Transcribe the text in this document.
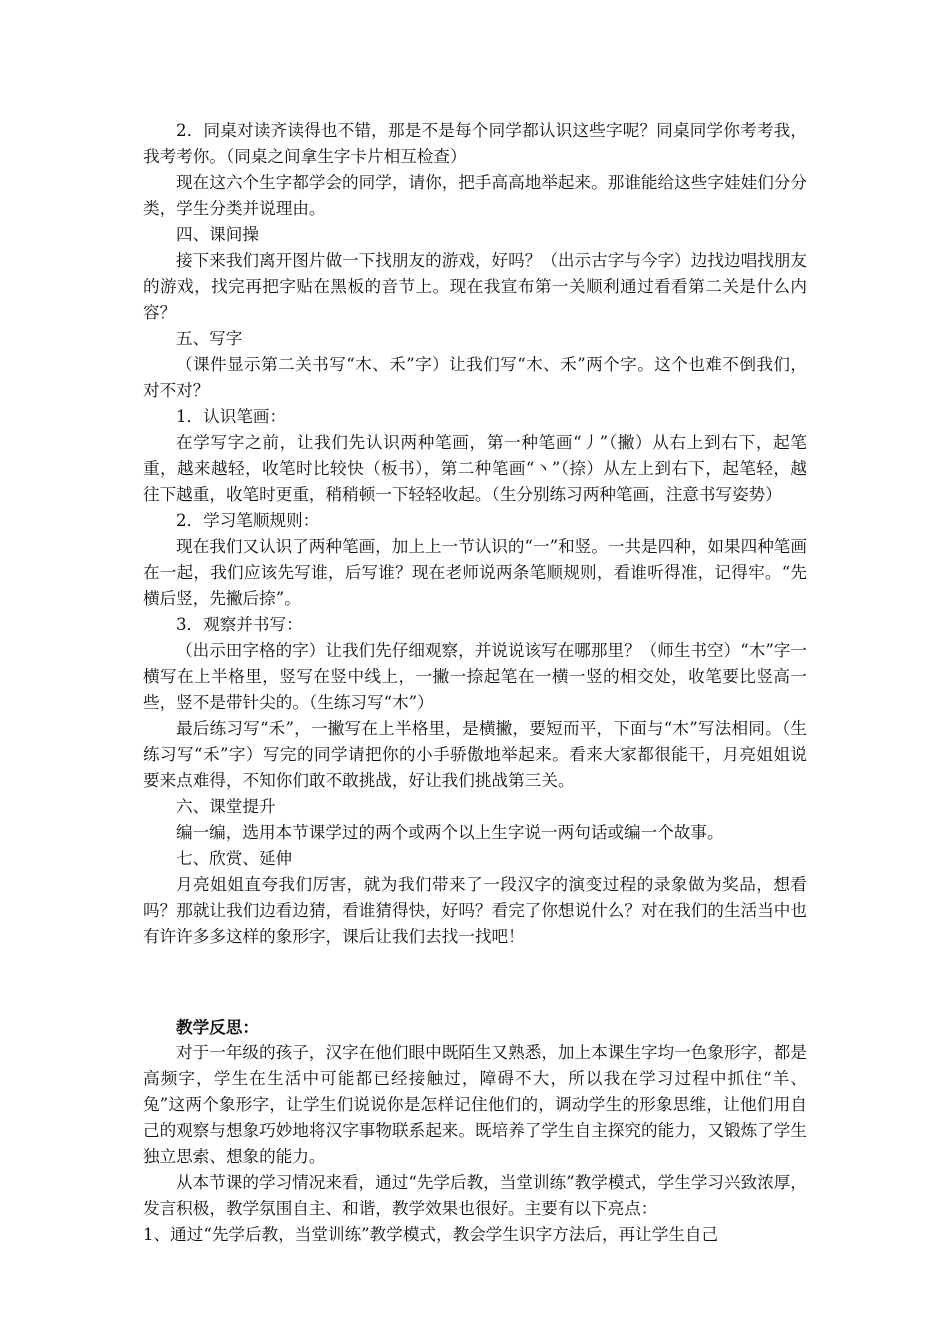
2．同桌对读齐读得也不错，那是不是每个同学都认识这些字呢？同桌同学你考考我，我考考你。（同桌之间拿生字卡片相互检查）

现在这六个生字都学会的同学，请你，把手高高地举起来。那谁能给这些字娃娃们分分类，学生分类并说理由。

四、课间操

接下来我们离开图片做一下找朋友的游戏，好吗？（出示古字与今字）边找边唱找朋友的游戏，找完再把字贴在黑板的音节上。现在我宣布第一关顺利通过看看第二关是什么内容？

五、写字

（课件显示第二关书写“木、禾”字）让我们写“木、禾”两个字。这个也难不倒我们，对不对？

1．认识笔画：

在学写字之前，让我们先认识两种笔画，第一种笔画“丿”（撇）从右上到右下，起笔重，越来越轻，收笔时比较快（板书），第二种笔画“丶”（捺）从左上到右下，起笔轻，越往下越重，收笔时更重，稍稍顿一下轻轻收起。（生分别练习两种笔画，注意书写姿势）

2．学习笔顺规则：

现在我们又认识了两种笔画，加上上一节认识的“一”和竖。一共是四种，如果四种笔画在一起，我们应该先写谁，后写谁？现在老师说两条笔顺规则，看谁听得准，记得牢。“先横后竖，先撇后捺”。

3．观察并书写：

（出示田字格的字）让我们先仔细观察，并说说该写在哪那里？（师生书空）“木”字一横写在上半格里，竖写在竖中线上，一撇一捺起笔在一横一竖的相交处，收笔要比竖高一些，竖不是带针尖的。（生练习写“木”）

最后练习写“禾”，一撇写在上半格里，是横撇，要短而平，下面与“木”写法相同。（生练习写“禾”字）写完的同学请把你的小手骄傲地举起来。看来大家都很能干，月亮姐姐说要来点难得，不知你们敢不敢挑战，好让我们挑战第三关。

六、课堂提升

编一编，选用本节课学过的两个或两个以上生字说一两句话或编一个故事。

七、欣赏、延伸

月亮姐姐直夸我们厉害，就为我们带来了一段汉字的演变过程的录象做为奖品，想看吗？那就让我们边看边猜，看谁猜得快，好吗？看完了你想说什么？对在我们的生活当中也有许许多多这样的象形字，课后让我们去找一找吧！

教学反思：

对于一年级的孩子，汉字在他们眼中既陌生又熟悉，加上本课生字均一色象形字，都是高频字，学生在生活中可能都已经接触过，障碍不大，所以我在学习过程中抓住“羊、兔”这两个象形字，让学生们说说你是怎样记住他们的，调动学生的形象思维，让他们用自己的观察与想象巧妙地将汉字事物联系起来。既培养了学生自主探究的能力，又锻炼了学生独立思索、想象的能力。

从本节课的学习情况来看，通过“先学后教，当堂训练”教学模式，学生学习兴致浓厚，发言积极，教学氛围自主、和谐，教学效果也很好。主要有以下亮点：

1、通过“先学后教，当堂训练”教学模式，教会学生识字方法后，再让学生自己
